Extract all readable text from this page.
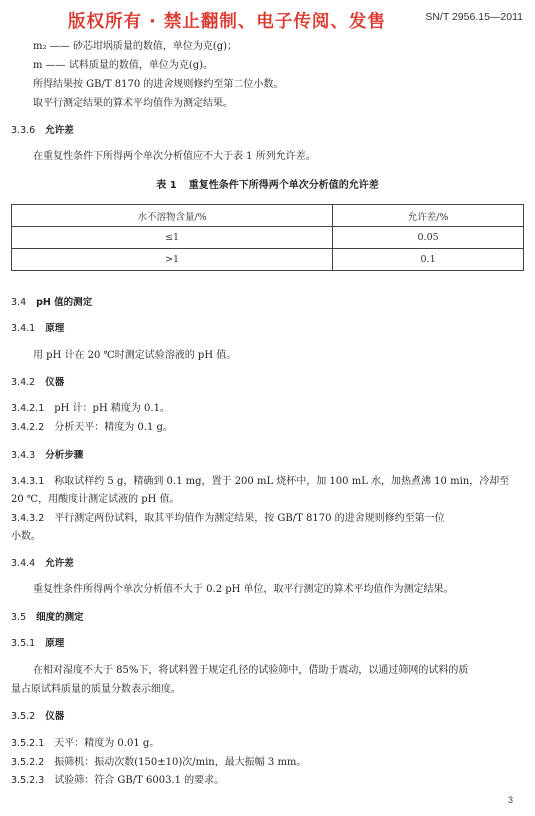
版权所有 · 禁止翻制、电子传阅、发售	SN/T 2956.15—2011
m₂ —— 砂芯坩埚质量的数值，单位为克(g)；
m —— 试料质量的数值，单位为克(g)。
所得结果按 GB/T 8170 的进舍规则修约至第二位小数。
取平行测定结果的算术平均值作为测定结果。
3.3.6 允许差
在重复性条件下所得两个单次分析值应不大于表 1 所列允许差。
表 1 重复性条件下所得两个单次分析值的允许差
水不溶物含量/%	允许差/%
≤1	0.05
>1	0.1
3.4 pH 值的测定
3.4.1 原理
用 pH 计在 20 ℃时测定试验溶液的 pH 值。
3.4.2 仪器
3.4.2.1 pH 计：pH 精度为 0.1。
3.4.2.2 分析天平：精度为 0.1 g。
3.4.3 分析步骤
3.4.3.1 称取试样约 5 g，精确到 0.1 mg，置于 200 mL 烧杯中，加 100 mL 水，加热煮沸 10 min，冷却至
20 ℃，用酸度计测定试液的 pH 值。
3.4.3.2 平行测定两份试料，取其平均值作为测定结果，按 GB/T 8170 的进舍规则修约至第一位
小数。
3.4.4 允许差
重复性条件所得两个单次分析值不大于 0.2 pH 单位，取平行测定的算术平均值作为测定结果。
3.5 细度的测定
3.5.1 原理
在相对湿度不大于 85%下，将试料置于规定孔径的试验筛中，借助于震动，以通过筛网的试料的质
量占原试料质量的质量分数表示细度。
3.5.2 仪器
3.5.2.1 天平：精度为 0.01 g。
3.5.2.2 振筛机：振动次数(150±10)次/min，最大振幅 3 mm。
3.5.2.3 试验筛：符合 GB/T 6003.1 的要求。
3
